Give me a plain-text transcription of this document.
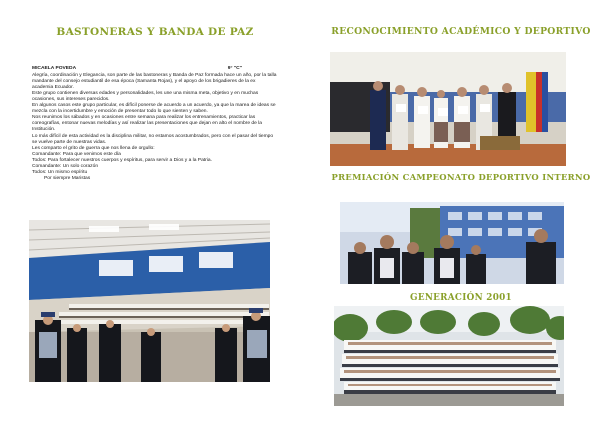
BASTONERAS Y BANDA DE PAZ

MICAELA POVEDA	9° "C"

Alegría, coordinación y Elegancia, son parte de las bastoneras y Banda de Paz formada hace un año, por la talla mandante del consejo estudiantil de esa época (Samanta Rojas), y el apoyo de los brigadieres de la ex academia Ecuador.

Este grupo contienen diversas edades y personalidades, les une una misma meta, objetivo y en muchas ocasiones, sus intereses parecidos.

En algunos casos este grupo particular, es difícil ponerse de acuerdo a un acuerdo, ya que la marea de ideas se mezcla con la incertidumbre y emoción de presentar todo lo que sienten y saben.

Nos reunimos los sábados y en ocasiones entre semana para realizar los entrenamientos, practicar las coreografías, entonar nuevas melodías y así realizar las presentaciones que dejan en alto el nombre de la Institución.

Lo más difícil de esta actividad es la disciplina militar, no estamos acostumbrados, pero con el pasar del tiempo se vuelve parte de nuestras vidas.

Les comparto el grito de guerra que nos llena de orgullo:

Comandante: Para que venimos este día

Todos: Para fortalecer nuestros cuerpos y espíritus, para servir a Dios y a la Patria.

Comandante: Un solo corazón

Todos: Un mismo espíritu

Por siempre Maristas

RECONOCIMIENTO ACADÉMICO Y DEPORTIVO
PREMIACIÓN CAMPEONATO DEPORTIVO INTERNO
GENERACIÓN 2001
